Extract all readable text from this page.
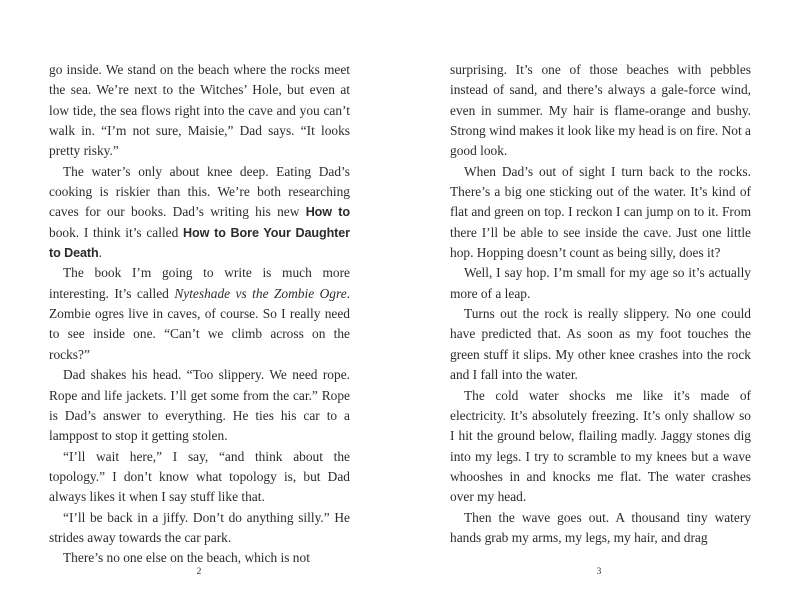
go inside. We stand on the beach where the rocks meet the sea. We’re next to the Witches’ Hole, but even at low tide, the sea flows right into the cave and you can’t walk in. “I’m not sure, Maisie,” Dad says. “It looks pretty risky.”

The water’s only about knee deep. Eating Dad’s cooking is riskier than this. We’re both researching caves for our books. Dad’s writing his new How to book. I think it’s called How to Bore Your Daughter to Death.

The book I’m going to write is much more interesting. It’s called Nyteshade vs the Zombie Ogre. Zombie ogres live in caves, of course. So I really need to see inside one. “Can’t we climb across on the rocks?”

Dad shakes his head. “Too slippery. We need rope. Rope and life jackets. I’ll get some from the car.” Rope is Dad’s answer to everything. He ties his car to a lamppost to stop it getting stolen.

“I’ll wait here,” I say, “and think about the topology.” I don’t know what topology is, but Dad always likes it when I say stuff like that.

“I’ll be back in a jiffy. Don’t do anything silly.” He strides away towards the car park.

There’s no one else on the beach, which is not

surprising. It’s one of those beaches with pebbles instead of sand, and there’s always a gale-force wind, even in summer. My hair is flame-orange and bushy. Strong wind makes it look like my head is on fire. Not a good look.

When Dad’s out of sight I turn back to the rocks. There’s a big one sticking out of the water. It’s kind of flat and green on top. I reckon I can jump on to it. From there I’ll be able to see inside the cave. Just one little hop. Hopping doesn’t count as being silly, does it?

Well, I say hop. I’m small for my age so it’s actually more of a leap.

Turns out the rock is really slippery. No one could have predicted that. As soon as my foot touches the green stuff it slips. My other knee crashes into the rock and I fall into the water.

The cold water shocks me like it’s made of electricity. It’s absolutely freezing. It’s only shallow so I hit the ground below, flailing madly. Jaggy stones dig into my legs. I try to scramble to my knees but a wave whooshes in and knocks me flat. The water crashes over my head.

Then the wave goes out. A thousand tiny watery hands grab my arms, my legs, my hair, and drag

2	3
